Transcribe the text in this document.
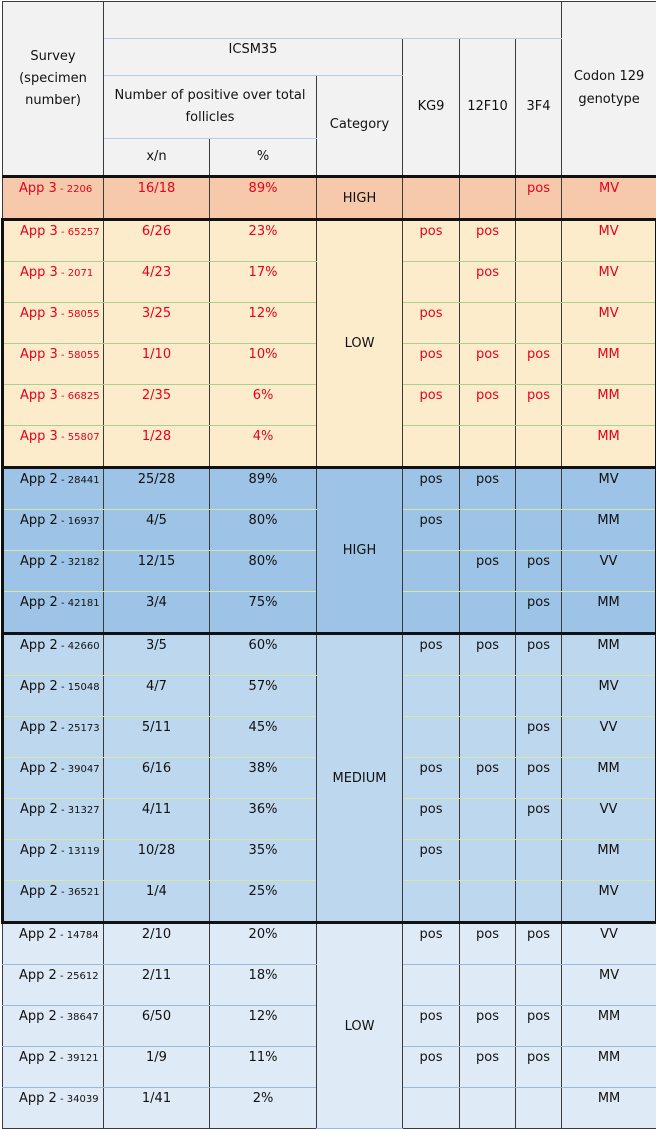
Survey (specimen number)							Codon 129 genotype
	ICSM35			KG9	12F10	3F4	
	Number of positive over total follicles		Category				
	x/n	%					
App 3 - 2206	16/18	89%	HIGH			pos	MV
App 3 - 65257	6/26	23%	LOW	pos	pos		MV
App 3 - 2071	4/23	17%			pos		MV
App 3 - 58055	3/25	12%		pos			MV
App 3 - 58055	1/10	10%		pos	pos	pos	MM
App 3 - 66825	2/35	6%		pos	pos	pos	MM
App 3 - 55807	1/28	4%					MM
App 2 - 28441	25/28	89%	HIGH	pos	pos		MV
App 2 - 16937	4/5	80%		pos			MM
App 2 - 32182	12/15	80%			pos	pos	VV
App 2 - 42181	3/4	75%				pos	MM
App 2 - 42660	3/5	60%	MEDIUM	pos	pos	pos	MM
App 2 - 15048	4/7	57%					MV
App 2 - 25173	5/11	45%				pos	VV
App 2 - 39047	6/16	38%		pos	pos	pos	MM
App 2 - 31327	4/11	36%		pos		pos	VV
App 2 - 13119	10/28	35%		pos			MM
App 2 - 36521	1/4	25%					MV
App 2 - 14784	2/10	20%	LOW	pos	pos	pos	VV
App 2 - 25612	2/11	18%					MV
App 2 - 38647	6/50	12%		pos	pos	pos	MM
App 2 - 39121	1/9	11%		pos	pos	pos	MM
App 2 - 34039	1/41	2%					MM
